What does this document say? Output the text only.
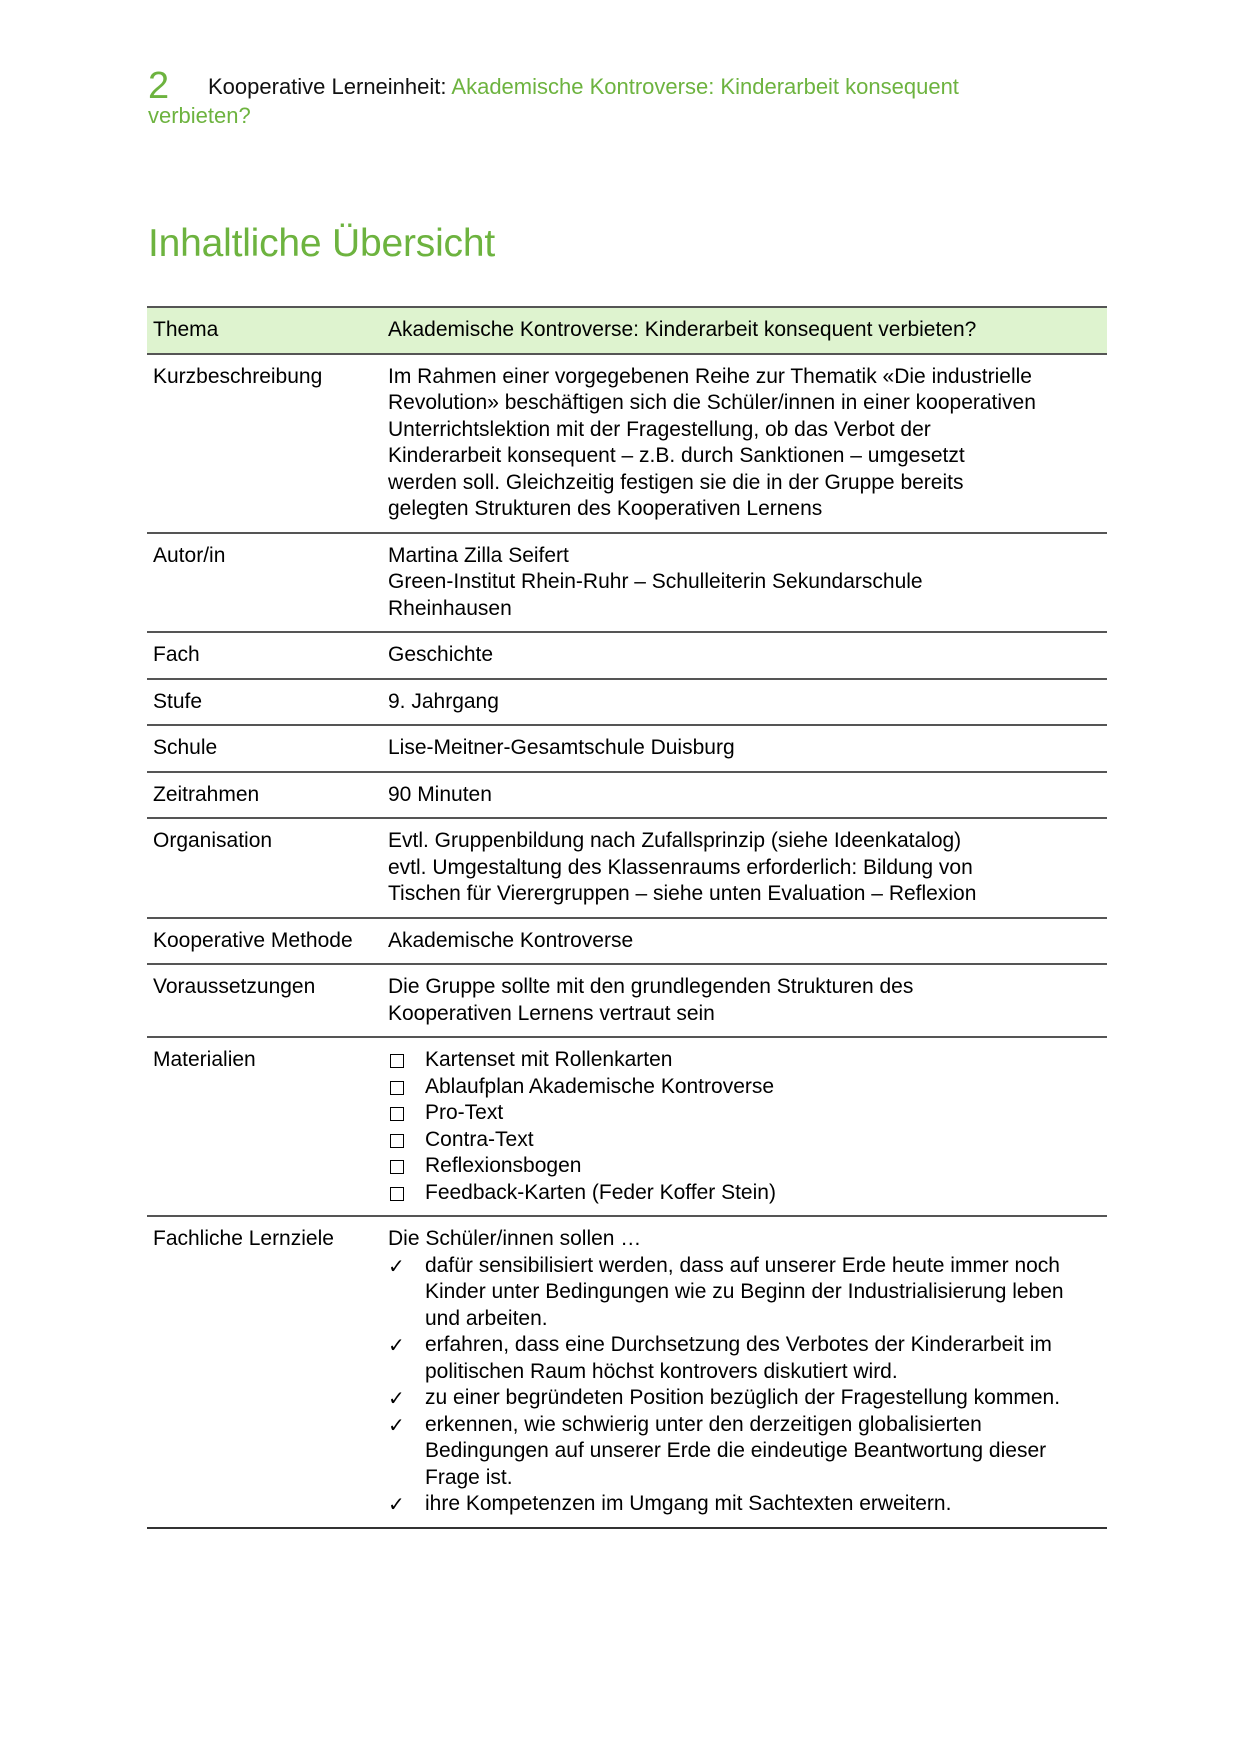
2 Kooperative Lerneinheit: Akademische Kontroverse: Kinderarbeit konsequent verbieten?
Inhaltliche Übersicht
Thema	Akademische Kontroverse: Kinderarbeit konsequent verbieten?
Kurzbeschreibung	Im Rahmen einer vorgegebenen Reihe zur Thematik «Die industrielle
Revolution» beschäftigen sich die Schüler/innen in einer kooperativen
Unterrichtslektion mit der Fragestellung, ob das Verbot der
Kinderarbeit konsequent – z.B. durch Sanktionen – umgesetzt
werden soll. Gleichzeitig festigen sie die in der Gruppe bereits
gelegten Strukturen des Kooperativen Lernens

Autor/in	Martina Zilla Seifert
Green-Institut Rhein-Ruhr – Schulleiterin Sekundarschule
Rheinhausen

Fach	Geschichte
Stufe	9. Jahrgang
Schule	Lise-Meitner-Gesamtschule Duisburg
Zeitrahmen	90 Minuten
Organisation	Evtl. Gruppenbildung nach Zufallsprinzip (siehe Ideenkatalog)
evtl. Umgestaltung des Klassenraums erforderlich: Bildung von
Tischen für Vierergruppen – siehe unten Evaluation – Reflexion

Kooperative Methode	Akademische Kontroverse
Voraussetzungen	Die Gruppe sollte mit den grundlegenden Strukturen des
Kooperativen Lernens vertraut sein

Materialien	Kartenset mit Rollenkarten
Ablaufplan Akademische Kontroverse
Pro-Text
Contra-Text
Reflexionsbogen
Feedback-Karten (Feder Koffer Stein)

Fachliche Lernziele	Die Schüler/innen sollen …
✓ dafür sensibilisiert werden, dass auf unserer Erde heute immer noch Kinder unter Bedingungen wie zu Beginn der Industrialisierung leben und arbeiten.
✓ erfahren, dass eine Durchsetzung des Verbotes der Kinderarbeit im politischen Raum höchst kontrovers diskutiert wird.
✓ zu einer begründeten Position bezüglich der Fragestellung kommen.
✓ erkennen, wie schwierig unter den derzeitigen globalisierten Bedingungen auf unserer Erde die eindeutige Beantwortung dieser Frage ist.
✓ ihre Kompetenzen im Umgang mit Sachtexten erweitern.
